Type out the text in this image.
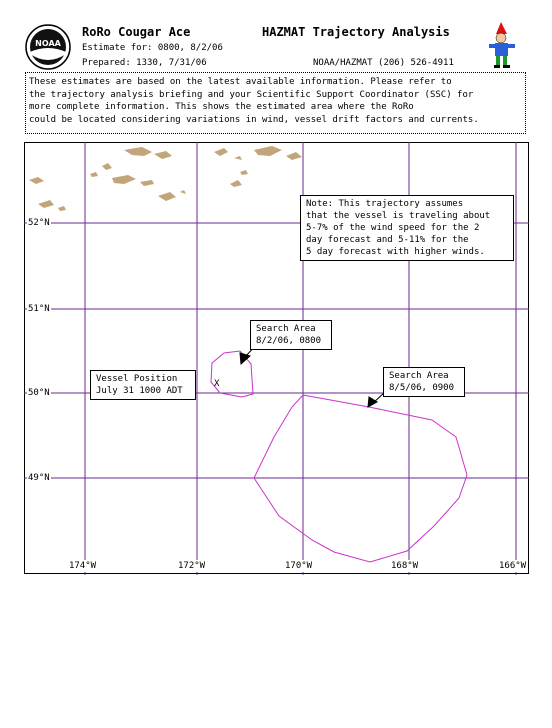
NOAA
RoRo Cougar Ace
Estimate for: 0800, 8/2/06
Prepared: 1330, 7/31/06
HAZMAT Trajectory Analysis
NOAA/HAZMAT (206) 526-4911
These estimates are based on the latest available information. Please refer to
the trajectory analysis briefing and your Scientific Support Coordinator (SSC) for
more complete information. This shows the estimated area where the RoRo
could be located considering variations in wind, vessel drift factors and currents.
52°N
51°N
50°N
49°N
174°W	172°W	170°W	168°W	166°W
Note: This trajectory assumes
that the vessel is traveling about
5-7% of the wind speed for the 2
day forecast and 5-11% for the
5 day forecast with higher winds.
Search Area
8/2/06, 0800
Search Area
8/5/06, 0900
Vessel Position
July 31 1000 ADT
X
